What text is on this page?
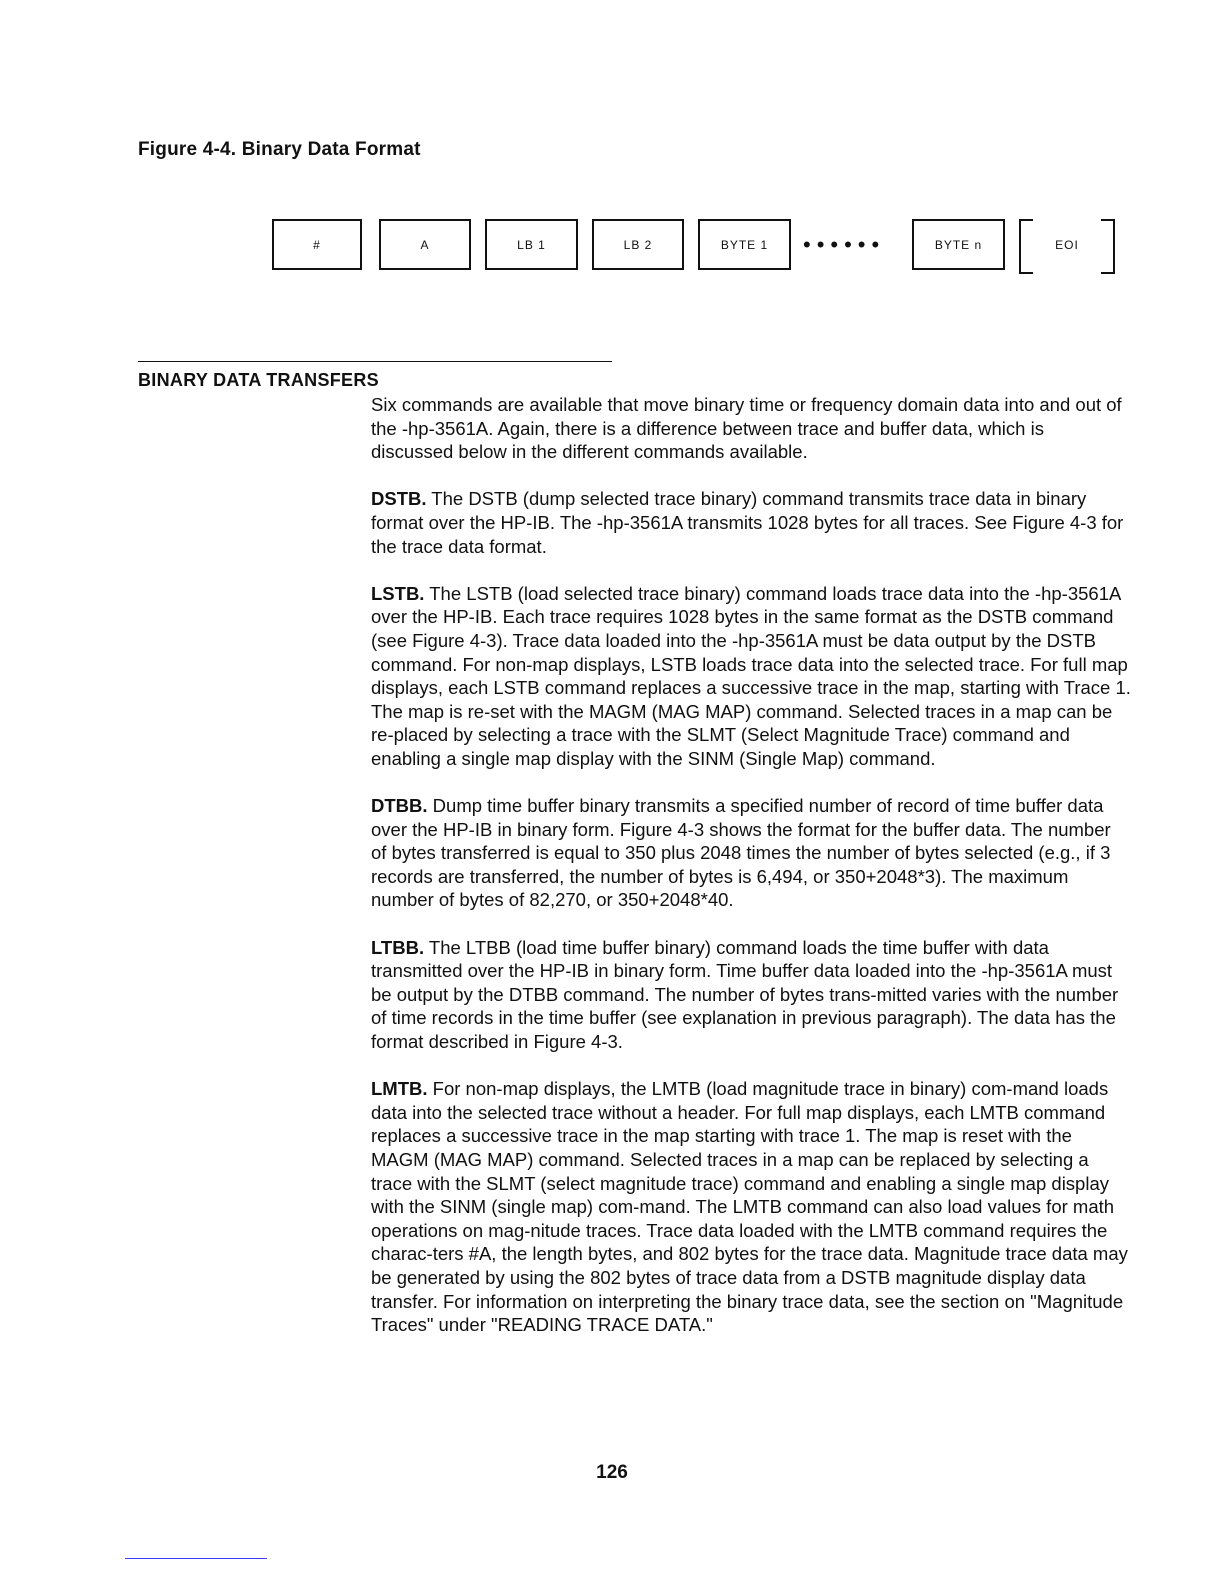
Figure 4-4. Binary Data Format
#	A	LB 1	LB 2	BYTE 1	••••••	BYTE n	EOI
BINARY DATA TRANSFERS

Six commands are available that move binary time or frequency domain data into and out of the -hp-3561A. Again, there is a difference between trace and buffer data, which is discussed below in the different commands available.

DSTB. The DSTB (dump selected trace binary) command transmits trace data in binary format over the HP-IB. The -hp-3561A transmits 1028 bytes for all traces. See Figure 4-3 for the trace data format.

LSTB. The LSTB (load selected trace binary) command loads trace data into the -hp-3561A over the HP-IB. Each trace requires 1028 bytes in the same format as the DSTB command (see Figure 4-3). Trace data loaded into the -hp-3561A must be data output by the DSTB command. For non-map displays, LSTB loads trace data into the selected trace. For full map displays, each LSTB command replaces a successive trace in the map, starting with Trace 1. The map is re-set with the MAGM (MAG MAP) command. Selected traces in a map can be re-placed by selecting a trace with the SLMT (Select Magnitude Trace) command and enabling a single map display with the SINM (Single Map) command.

DTBB. Dump time buffer binary transmits a specified number of record of time buffer data over the HP-IB in binary form. Figure 4-3 shows the format for the buffer data. The number of bytes transferred is equal to 350 plus 2048 times the number of bytes selected (e.g., if 3 records are transferred, the number of bytes is 6,494, or 350+2048*3). The maximum number of bytes of 82,270, or 350+2048*40.

LTBB. The LTBB (load time buffer binary) command loads the time buffer with data transmitted over the HP-IB in binary form. Time buffer data loaded into the -hp-3561A must be output by the DTBB command. The number of bytes trans-mitted varies with the number of time records in the time buffer (see explanation in previous paragraph). The data has the format described in Figure 4-3.

LMTB. For non-map displays, the LMTB (load magnitude trace in binary) com-mand loads data into the selected trace without a header. For full map displays, each LMTB command replaces a successive trace in the map starting with trace 1. The map is reset with the MAGM (MAG MAP) command. Selected traces in a map can be replaced by selecting a trace with the SLMT (select magnitude trace) command and enabling a single map display with the SINM (single map) com-mand. The LMTB command can also load values for math operations on mag-nitude traces. Trace data loaded with the LMTB command requires the charac-ters #A, the length bytes, and 802 bytes for the trace data. Magnitude trace data may be generated by using the 802 bytes of trace data from a DSTB magnitude display data transfer. For information on interpreting the binary trace data, see the section on "Magnitude Traces" under "READING TRACE DATA."

126
